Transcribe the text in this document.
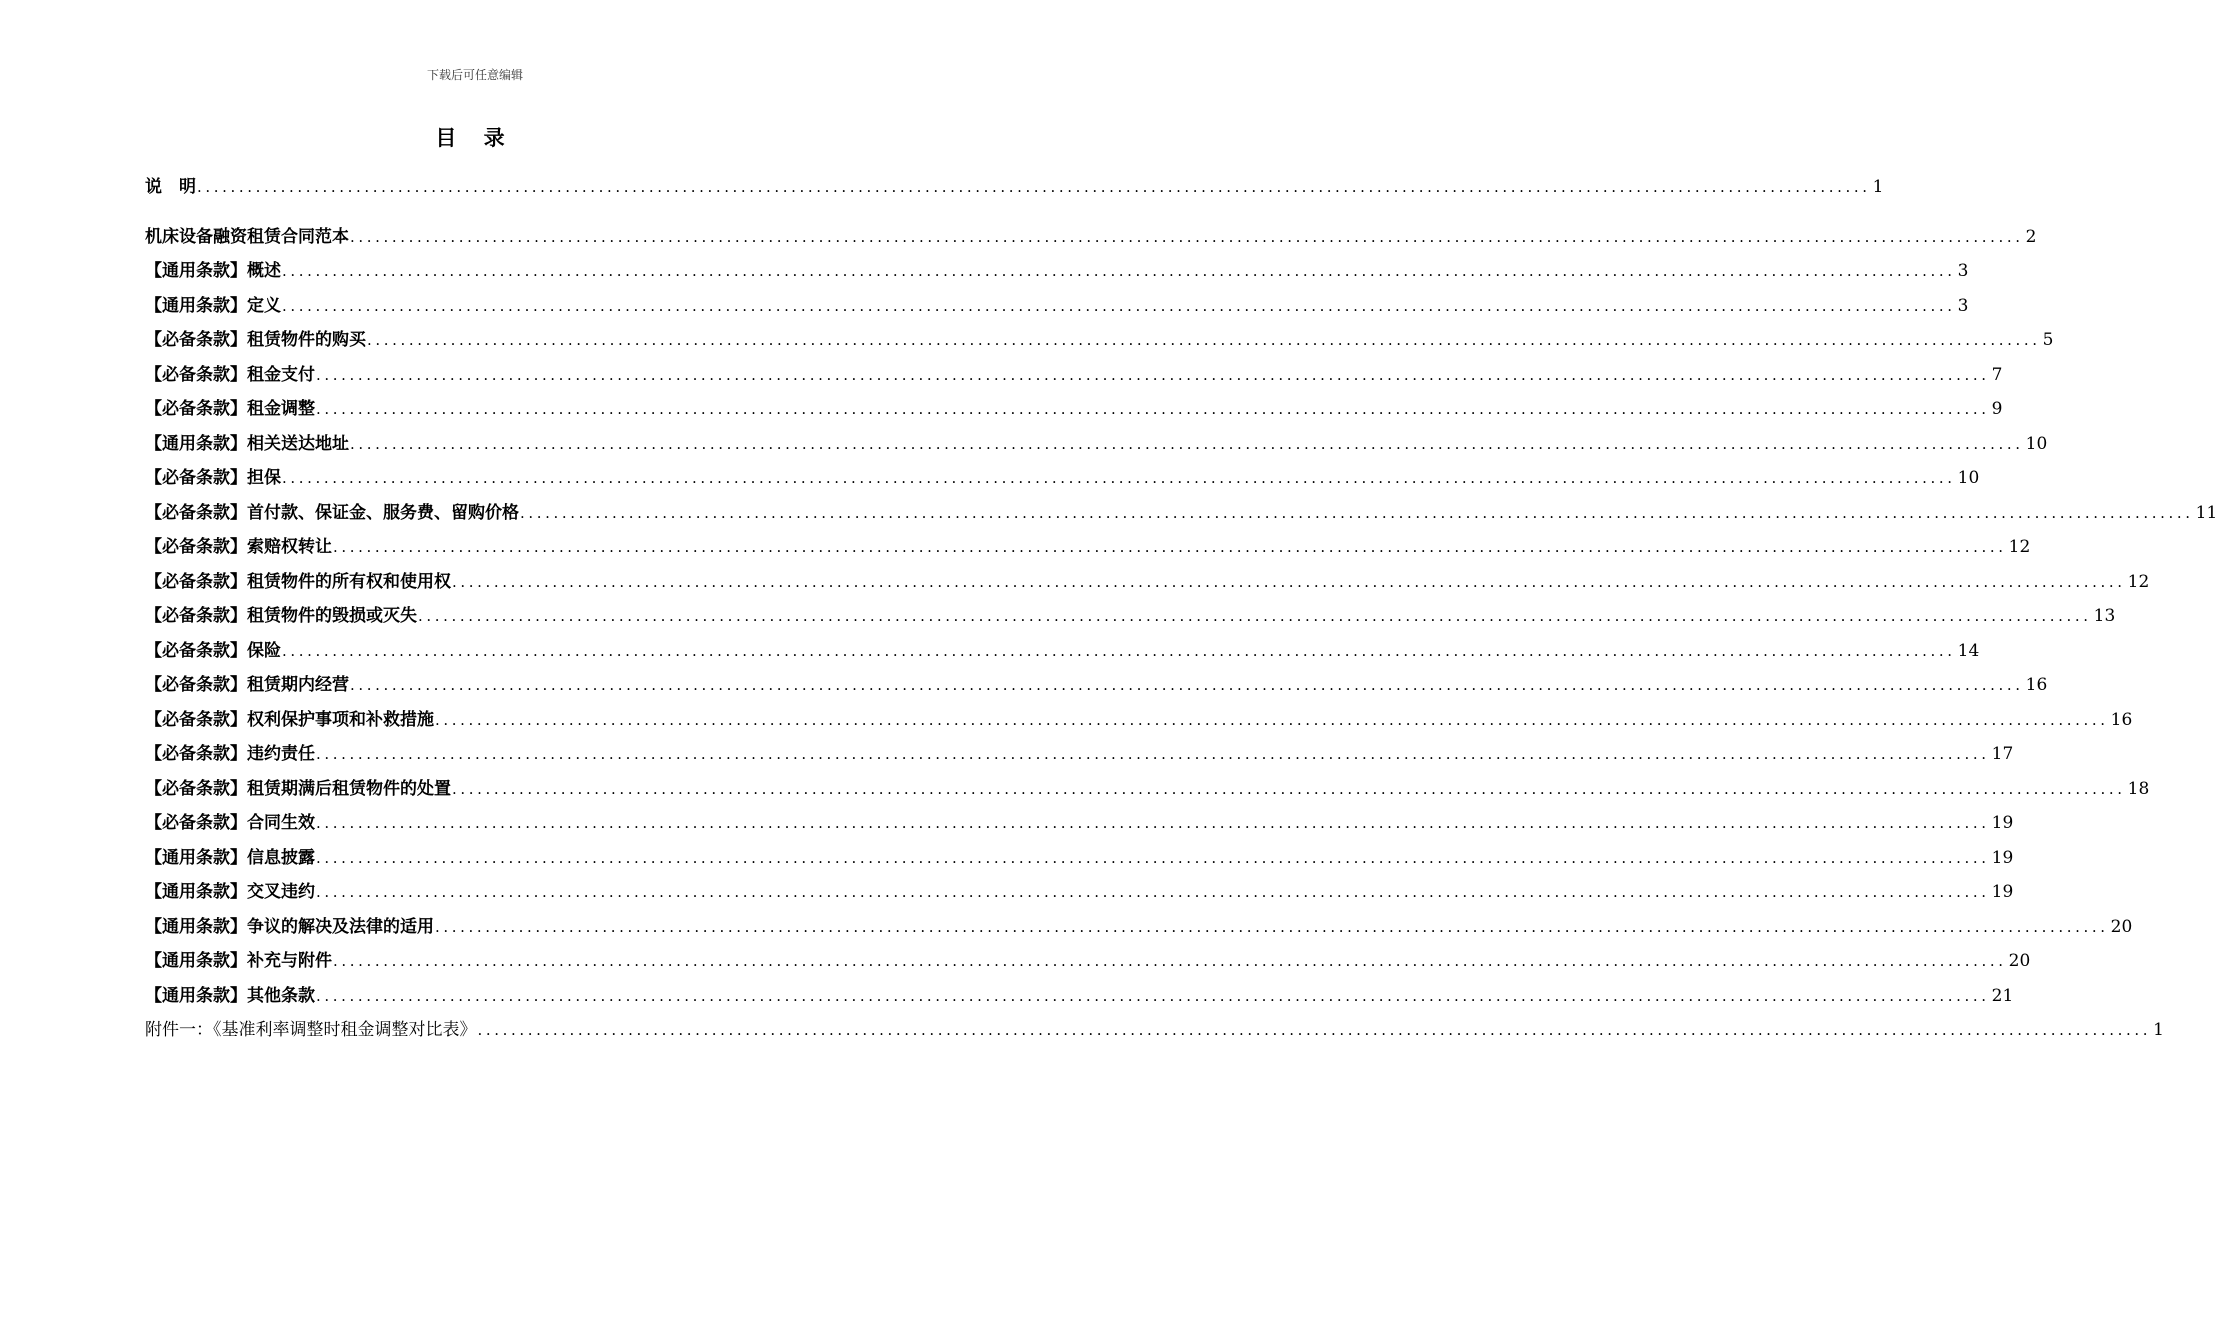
下载后可任意编辑
目 录
说　明 ........................................................................................................................................................................................................ 1
机床设备融资租赁合同范本 ........................................................................................................................................................................................................ 2
【通用条款】概述 ........................................................................................................................................................................................................ 3
【通用条款】定义 ........................................................................................................................................................................................................ 3
【必备条款】租赁物件的购买 ........................................................................................................................................................................................................ 5
【必备条款】租金支付 ........................................................................................................................................................................................................ 7
【必备条款】租金调整 ........................................................................................................................................................................................................ 9
【通用条款】相关送达地址 ........................................................................................................................................................................................................ 10
【必备条款】担保 ........................................................................................................................................................................................................ 10
【必备条款】首付款、保证金、服务费、留购价格 ........................................................................................................................................................................................................ 11
【必备条款】索赔权转让 ........................................................................................................................................................................................................ 12
【必备条款】租赁物件的所有权和使用权 ........................................................................................................................................................................................................ 12
【必备条款】租赁物件的毁损或灭失 ........................................................................................................................................................................................................ 13
【必备条款】保险 ........................................................................................................................................................................................................ 14
【必备条款】租赁期内经营 ........................................................................................................................................................................................................ 16
【必备条款】权利保护事项和补救措施 ........................................................................................................................................................................................................ 16
【必备条款】违约责任 ........................................................................................................................................................................................................ 17
【必备条款】租赁期满后租赁物件的处置 ........................................................................................................................................................................................................ 18
【必备条款】合同生效 ........................................................................................................................................................................................................ 19
【通用条款】信息披露 ........................................................................................................................................................................................................ 19
【通用条款】交叉违约 ........................................................................................................................................................................................................ 19
【通用条款】争议的解决及法律的适用 ........................................................................................................................................................................................................ 20
【通用条款】补充与附件 ........................................................................................................................................................................................................ 20
【通用条款】其他条款 ........................................................................................................................................................................................................ 21
附件一：《基准利率调整时租金调整对比表》 ........................................................................................................................................................................................................ 1
